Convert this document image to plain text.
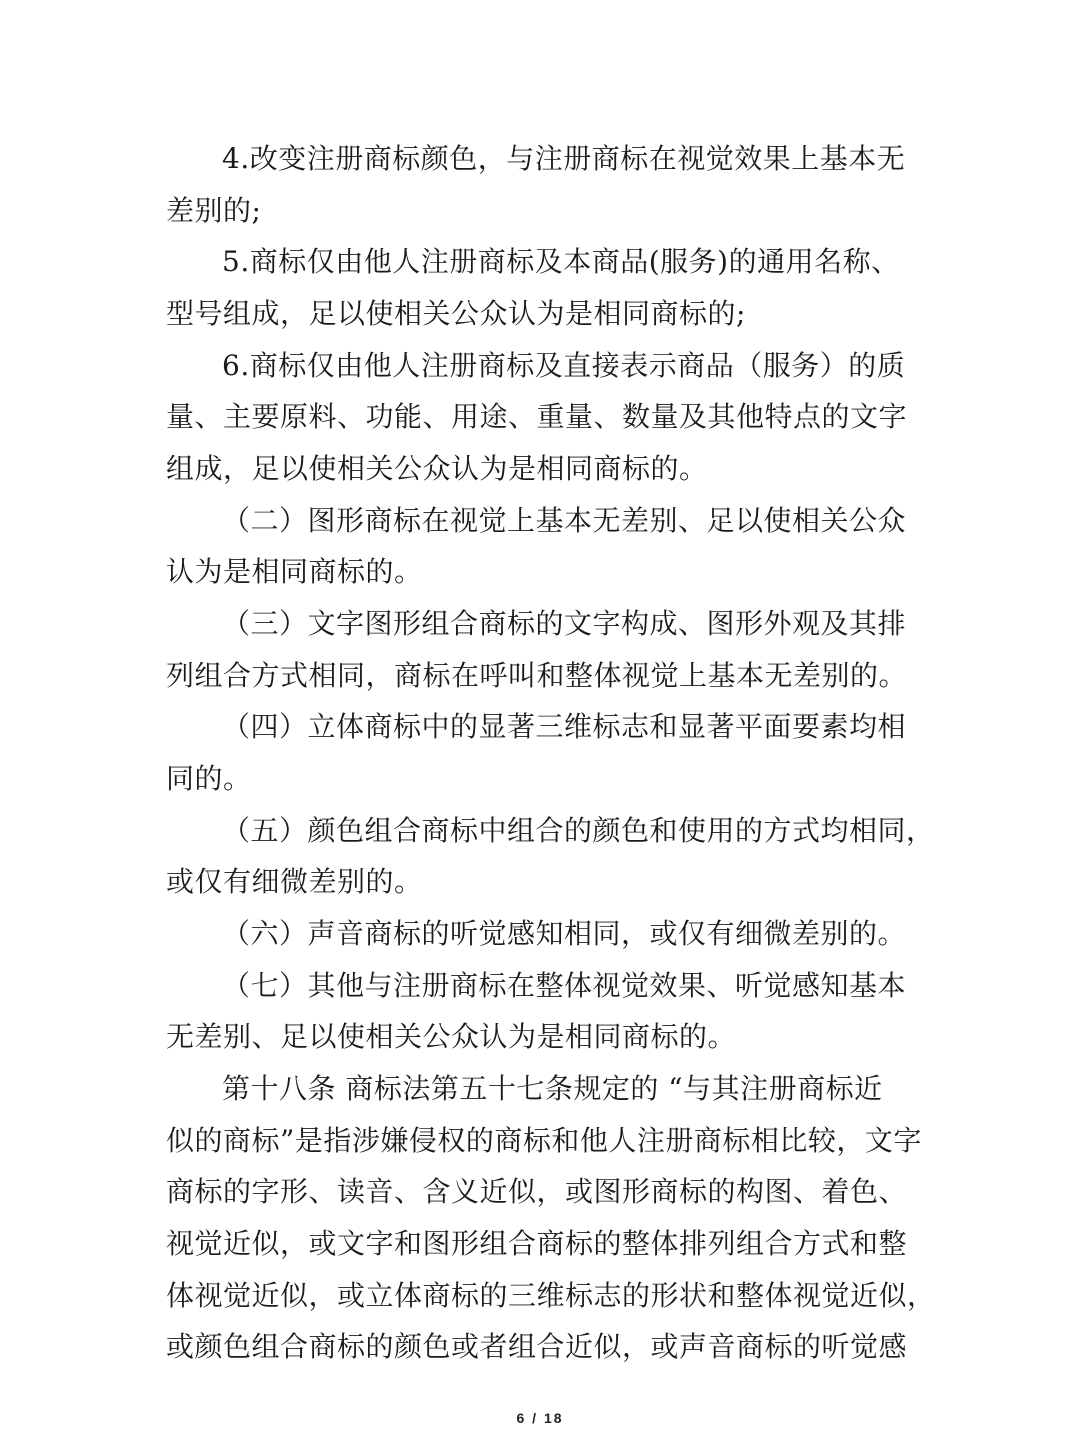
4.改变注册商标颜色，与注册商标在视觉效果上基本无
差别的;
5.商标仅由他人注册商标及本商品(服务)的通用名称、
型号组成，足以使相关公众认为是相同商标的;
6.商标仅由他人注册商标及直接表示商品（服务）的质
量、主要原料、功能、用途、重量、数量及其他特点的文字
组成，足以使相关公众认为是相同商标的。
（二）图形商标在视觉上基本无差别、足以使相关公众
认为是相同商标的。
（三）文字图形组合商标的文字构成、图形外观及其排
列组合方式相同，商标在呼叫和整体视觉上基本无差别的。
（四）立体商标中的显著三维标志和显著平面要素均相
同的。
（五）颜色组合商标中组合的颜色和使用的方式均相同，
或仅有细微差别的。
（六）声音商标的听觉感知相同，或仅有细微差别的。
（七）其他与注册商标在整体视觉效果、听觉感知基本
无差别、足以使相关公众认为是相同商标的。
第十八条 商标法第五十七条规定的 “与其注册商标近
似的商标”是指涉嫌侵权的商标和他人注册商标相比较，文字
商标的字形、读音、含义近似，或图形商标的构图、着色、
视觉近似，或文字和图形组合商标的整体排列组合方式和整
体视觉近似，或立体商标的三维标志的形状和整体视觉近似，
或颜色组合商标的颜色或者组合近似，或声音商标的听觉感
6 / 18
